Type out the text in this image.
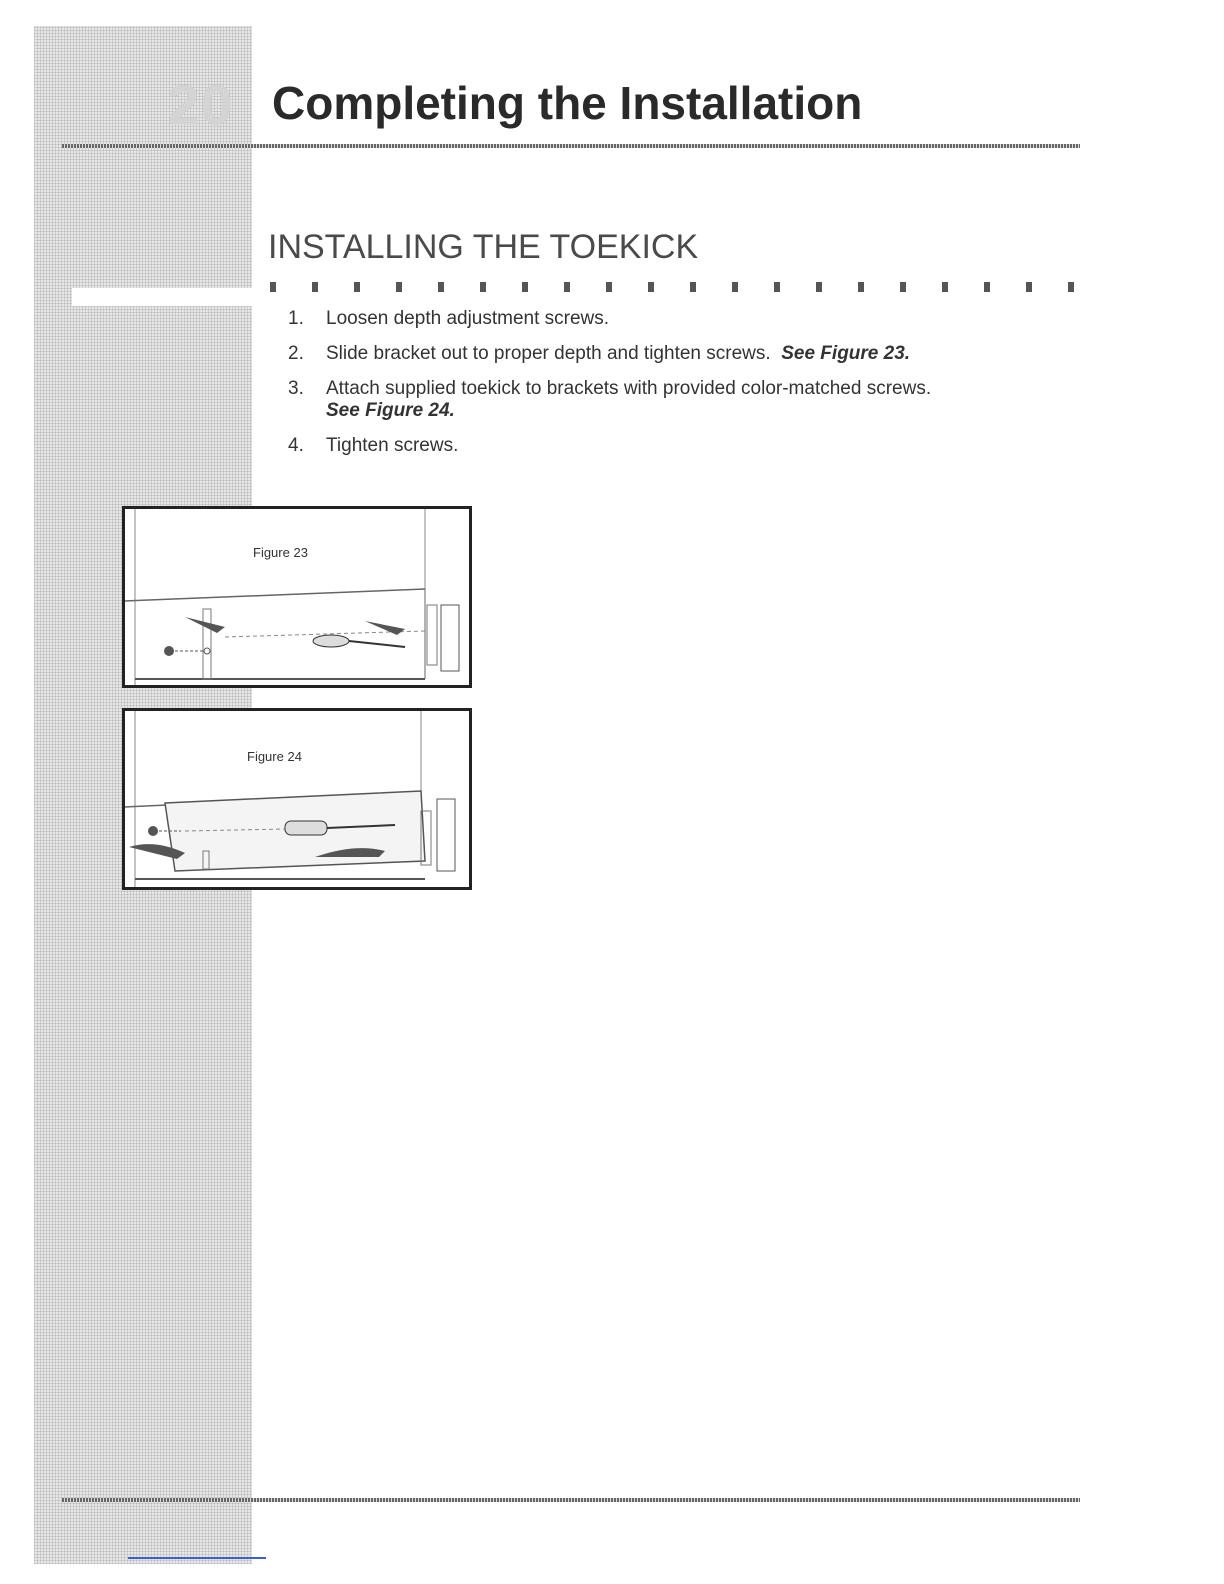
20 Completing the Installation
INSTALLING THE TOEKICK
1.	Loosen depth adjustment screws.
2.	Slide bracket out to proper depth and tighten screws. See Figure 23.
3.	Attach supplied toekick to brackets with provided color-matched screws.
See Figure 24.
4.	Tighten screws.
Figure 23
Figure 24
